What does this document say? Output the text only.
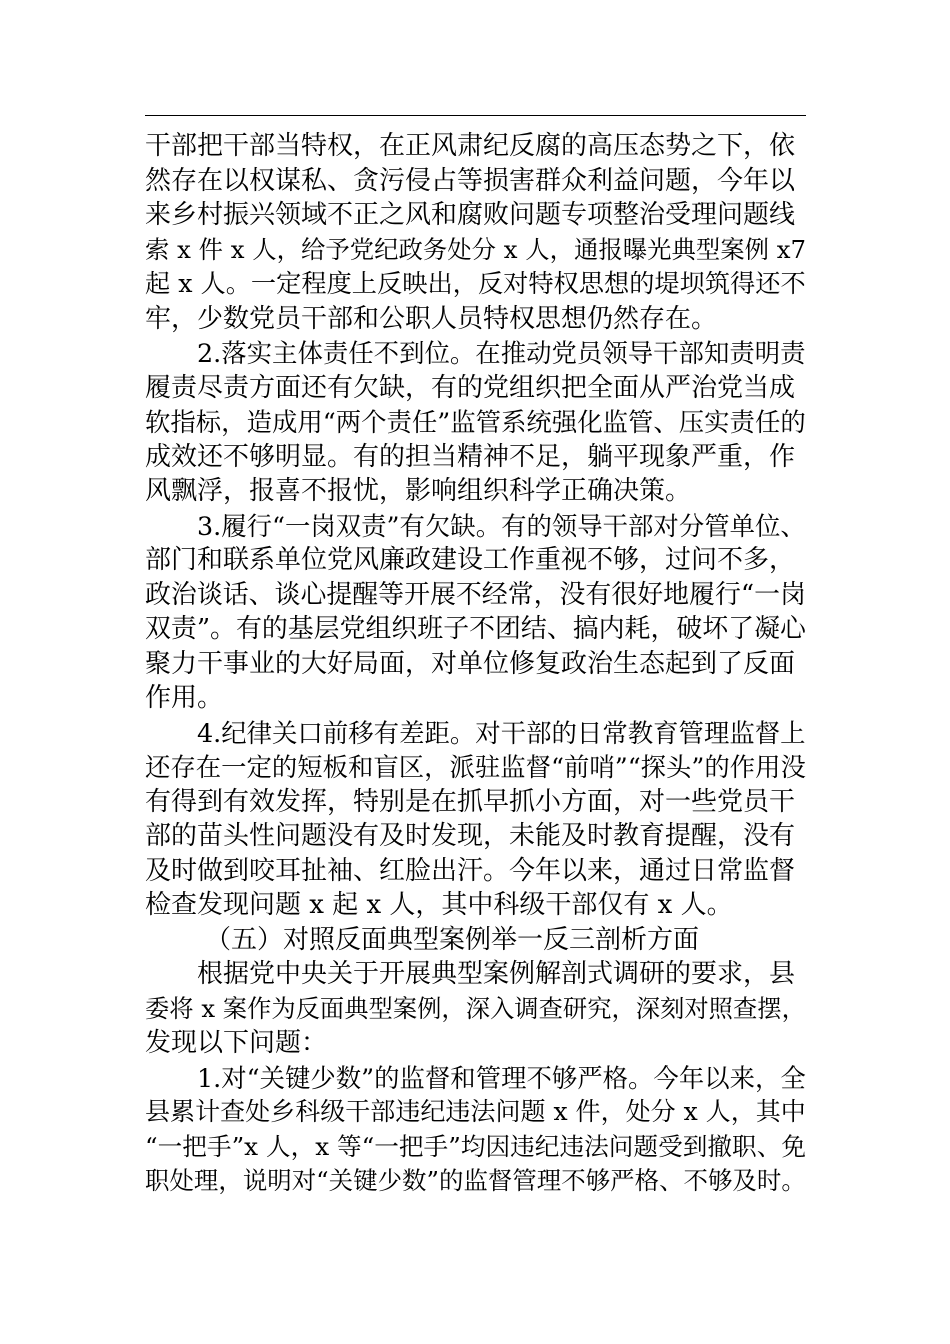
干部把干部当特权，在正风肃纪反腐的高压态势之下，依
然存在以权谋私、贪污侵占等损害群众利益问题，今年以
来乡村振兴领域不正之风和腐败问题专项整治受理问题线
索 x 件 x 人，给予党纪政务处分 x 人，通报曝光典型案例 x7
起 x 人。一定程度上反映出，反对特权思想的堤坝筑得还不
牢，少数党员干部和公职人员特权思想仍然存在。
2.落实主体责任不到位。在推动党员领导干部知责明责
履责尽责方面还有欠缺，有的党组织把全面从严治党当成
软指标，造成用“两个责任”监管系统强化监管、压实责任的
成效还不够明显。有的担当精神不足，躺平现象严重，作
风飘浮，报喜不报忧，影响组织科学正确决策。
3.履行“一岗双责”有欠缺。有的领导干部对分管单位、
部门和联系单位党风廉政建设工作重视不够，过问不多，
政治谈话、谈心提醒等开展不经常，没有很好地履行“一岗
双责”。有的基层党组织班子不团结、搞内耗，破坏了凝心
聚力干事业的大好局面，对单位修复政治生态起到了反面
作用。
4.纪律关口前移有差距。对干部的日常教育管理监督上
还存在一定的短板和盲区，派驻监督“前哨”“探头”的作用没
有得到有效发挥，特别是在抓早抓小方面，对一些党员干
部的苗头性问题没有及时发现，未能及时教育提醒，没有
及时做到咬耳扯袖、红脸出汗。今年以来，通过日常监督
检查发现问题 x 起 x 人，其中科级干部仅有 x 人。
（五）对照反面典型案例举一反三剖析方面
根据党中央关于开展典型案例解剖式调研的要求，县
委将 x 案作为反面典型案例，深入调查研究，深刻对照查摆，
发现以下问题：
1.对“关键少数”的监督和管理不够严格。今年以来，全
县累计查处乡科级干部违纪违法问题 x 件，处分 x 人，其中
“一把手”x 人，x 等“一把手”均因违纪违法问题受到撤职、免
职处理，说明对“关键少数”的监督管理不够严格、不够及时。
